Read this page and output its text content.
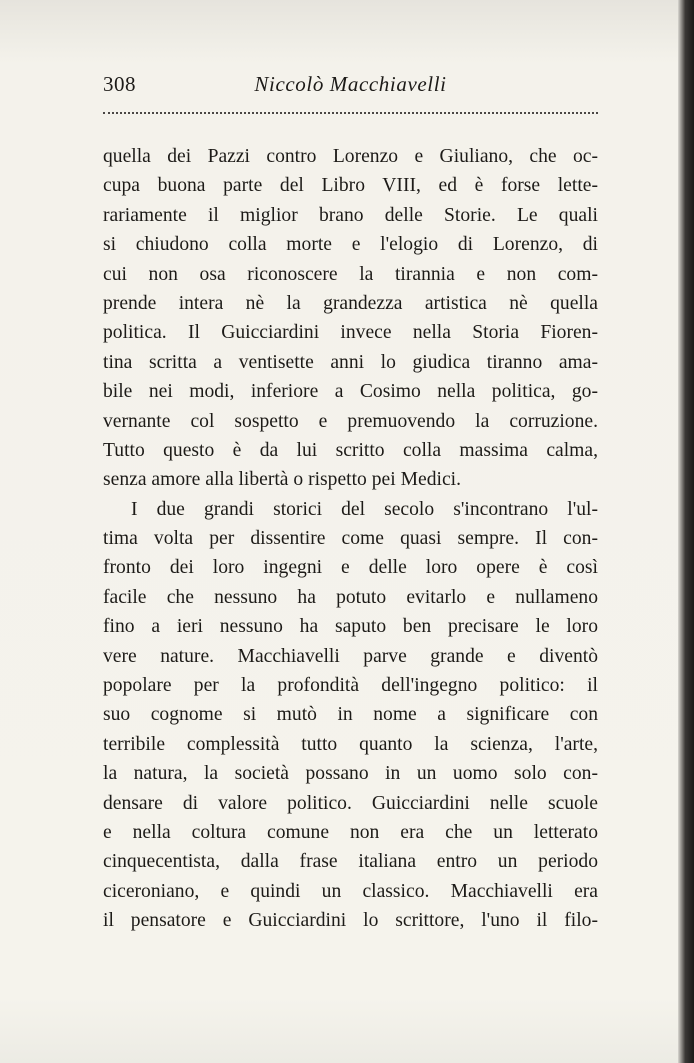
308	Niccolò Macchiavelli
quella dei Pazzi contro Lorenzo e Giuliano, che oc-
cupa buona parte del Libro VIII, ed è forse lette-
rariamente il miglior brano delle Storie. Le quali
si chiudono colla morte e l'elogio di Lorenzo, di
cui non osa riconoscere la tirannia e non com-
prende intera nè la grandezza artistica nè quella
politica. Il Guicciardini invece nella Storia Fioren-
tina scritta a ventisette anni lo giudica tiranno ama-
bile nei modi, inferiore a Cosimo nella politica, go-
vernante col sospetto e premuovendo la corruzione.
Tutto questo è da lui scritto colla massima calma,
senza amore alla libertà o rispetto pei Medici.
I due grandi storici del secolo s'incontrano l'ul-
tima volta per dissentire come quasi sempre. Il con-
fronto dei loro ingegni e delle loro opere è così
facile che nessuno ha potuto evitarlo e nullameno
fino a ieri nessuno ha saputo ben precisare le loro
vere nature. Macchiavelli parve grande e diventò
popolare per la profondità dell'ingegno politico: il
suo cognome si mutò in nome a significare con
terribile complessità tutto quanto la scienza, l'arte,
la natura, la società possano in un uomo solo con-
densare di valore politico. Guicciardini nelle scuole
e nella coltura comune non era che un letterato
cinquecentista, dalla frase italiana entro un periodo
ciceroniano, e quindi un classico. Macchiavelli era
il pensatore e Guicciardini lo scrittore, l'uno il filo-
